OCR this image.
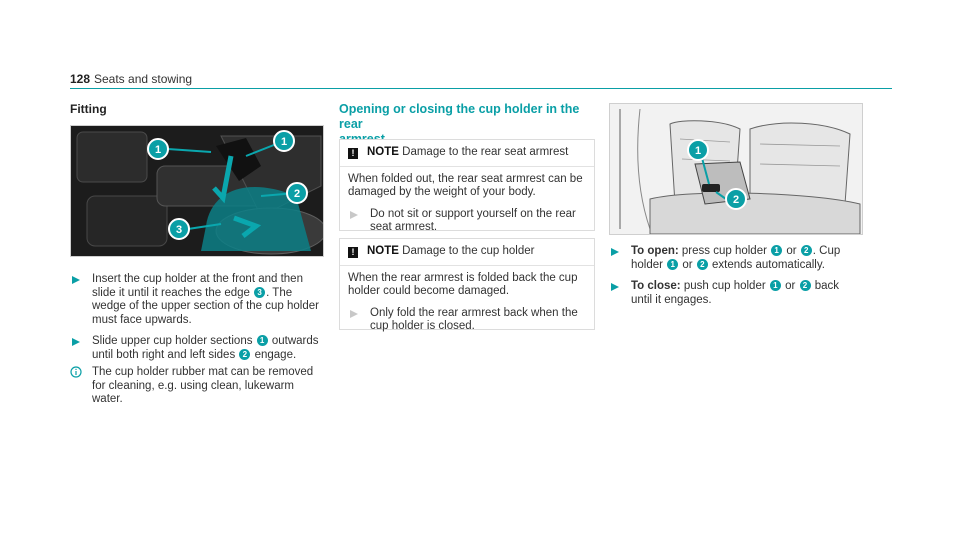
128 Seats and stowing
Fitting
1
1
2
3
Insert the cup holder at the front and then slide it until it reaches the edge 3 . The wedge of the upper section of the cup holder must face upwards.
Slide upper cup holder sections 1 outwards until both right and left sides 2 engage.
The cup holder rubber mat can be removed for cleaning, e.g. using clean, lukewarm water.
Opening or closing the cup holder in the rear

! NOTE Damage to the rear seat armrest
When folded out, the rear seat armrest can be damaged by the weight of your body.
Do not sit or support yourself on the rear seat armrest.
! NOTE Damage to the cup holder
When the rear armrest is folded back the cup holder could become damaged.
Only fold the rear armrest back when the cup holder is closed.
1
2
To open: press cup holder 1 or 2 . Cup holder 1 or 2 extends automatically.
To close: push cup holder 1 or 2 back until it engages.
